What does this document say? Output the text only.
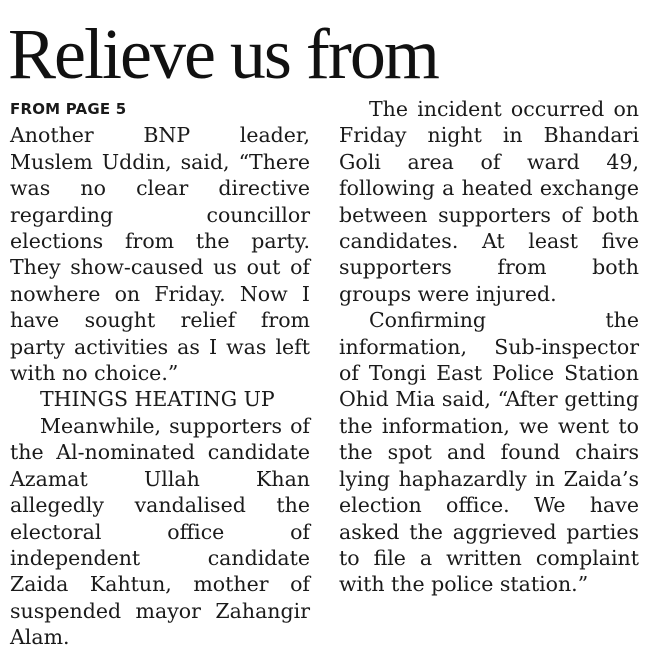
Relieve us from
FROM PAGE 5

Another BNP leader, Muslem Uddin, said, “There was no clear directive regarding councillor elections from the party. They show-caused us out of nowhere on Friday. Now I have sought relief from party activities as I was left with no choice.”

THINGS HEATING UP

Meanwhile, supporters of the Al-nominated candidate Azamat Ullah Khan allegedly vandalised the electoral office of independent candidate Zaida Kahtun, mother of suspended mayor Zahangir Alam.

The incident occurred on Friday night in Bhandari Goli area of ward 49, following a heated exchange between supporters of both candidates. At least five supporters from both groups were injured.

Confirming the information, Sub-inspector of Tongi East Police Station Ohid Mia said, “After getting the information, we went to the spot and found chairs lying haphazardly in Zaida’s election office. We have asked the aggrieved parties to file a written complaint with the police station.”
